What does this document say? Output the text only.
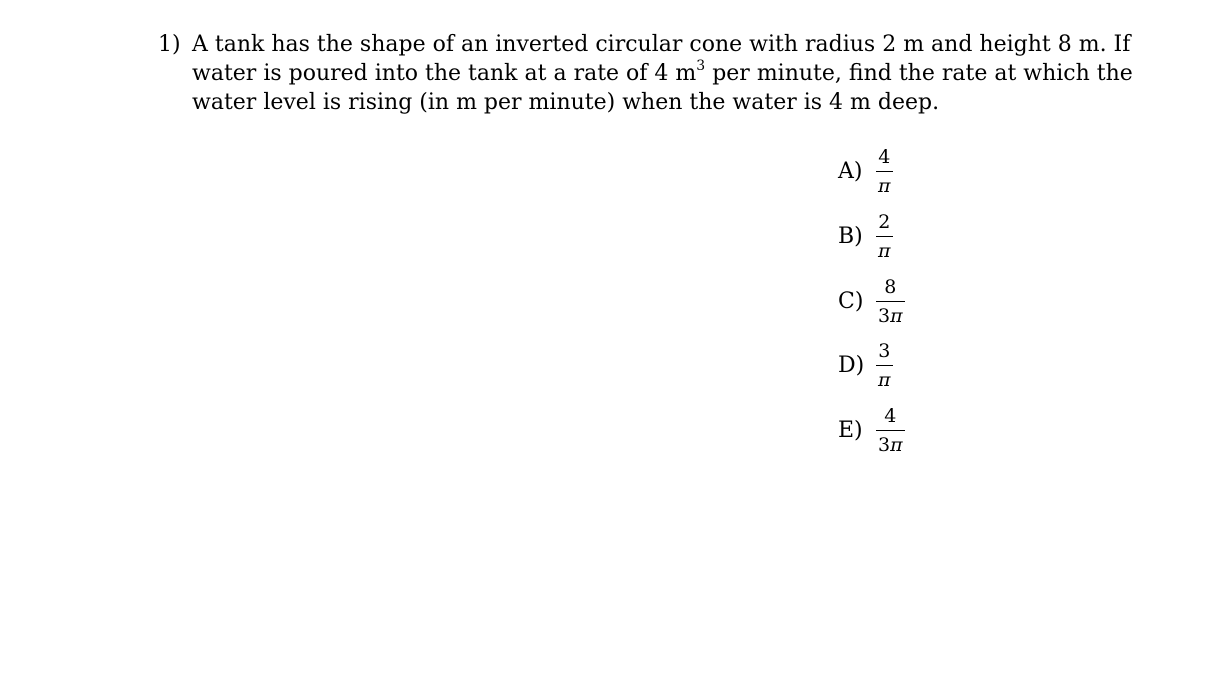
1) A tank has the shape of an inverted circular cone with radius 2 m and height 8 m. If
water is poured into the tank at a rate of 4 $m^3$ per minute, find the rate at which the
water level is rising (in m per minute) when the water is 4 m deep.
$A) \frac{4}{\pi}$
$B) \frac{2}{\pi}$
$C) \frac{8}{3\pi}$
$D) \frac{3}{\pi}$
$E) \frac{4}{3\pi}$
